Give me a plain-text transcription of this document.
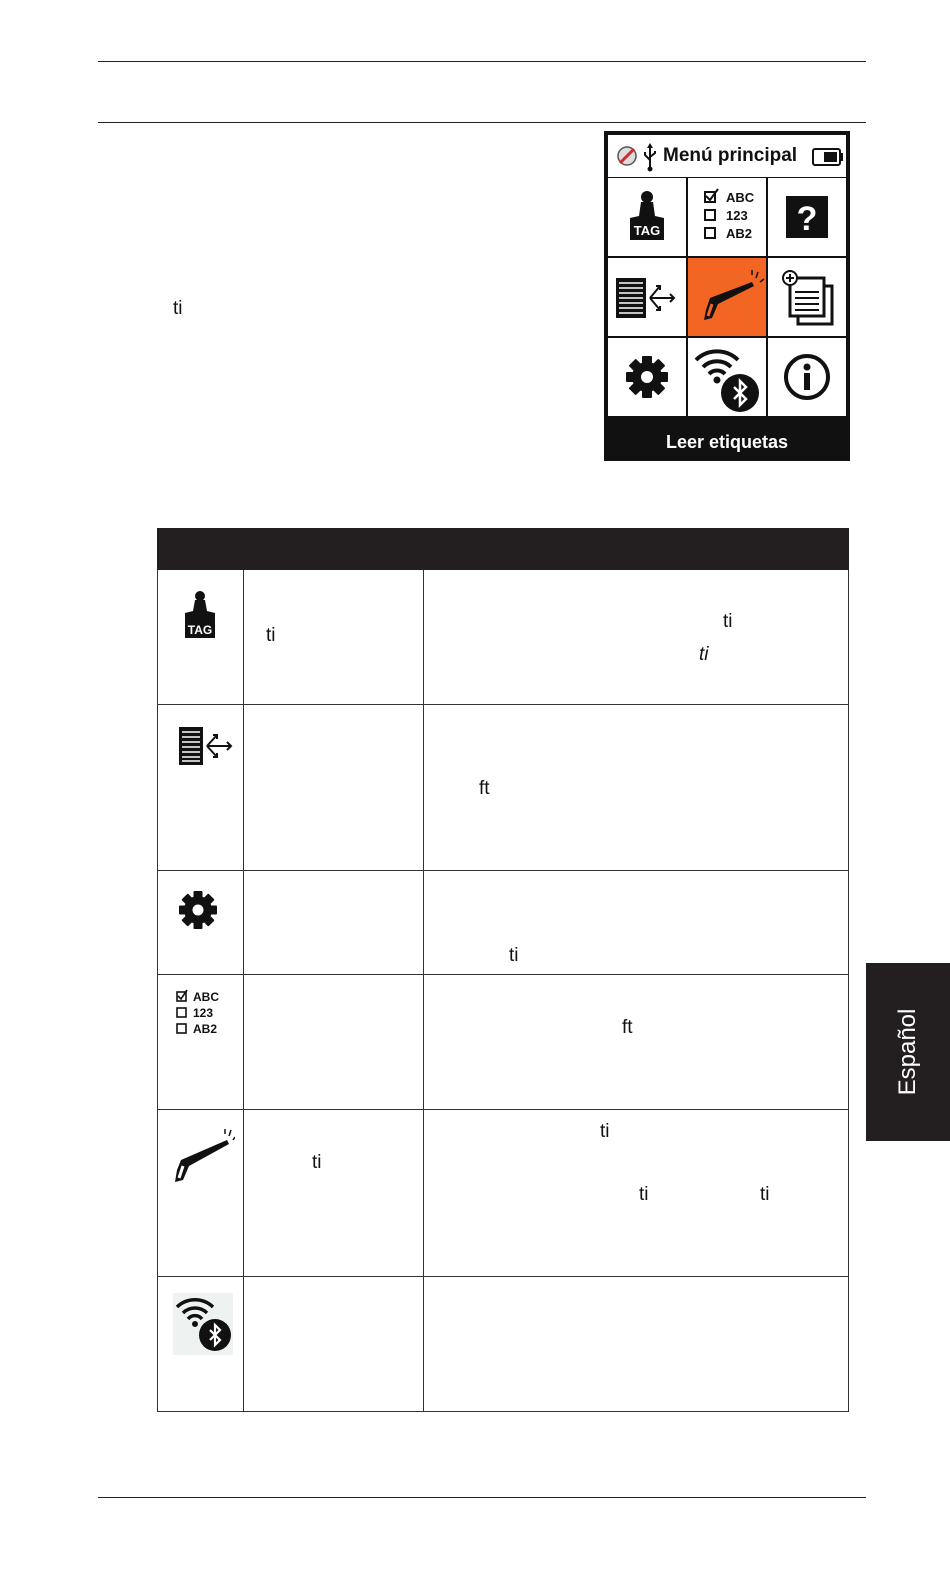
ti
Menú principal
TAG
ABC
123
AB2 ?
Leer etiquetas
TAG
ABC
123
AB2
ti
ti
ti
ft
ti
ft
ti
ti
ti	ti
Español
